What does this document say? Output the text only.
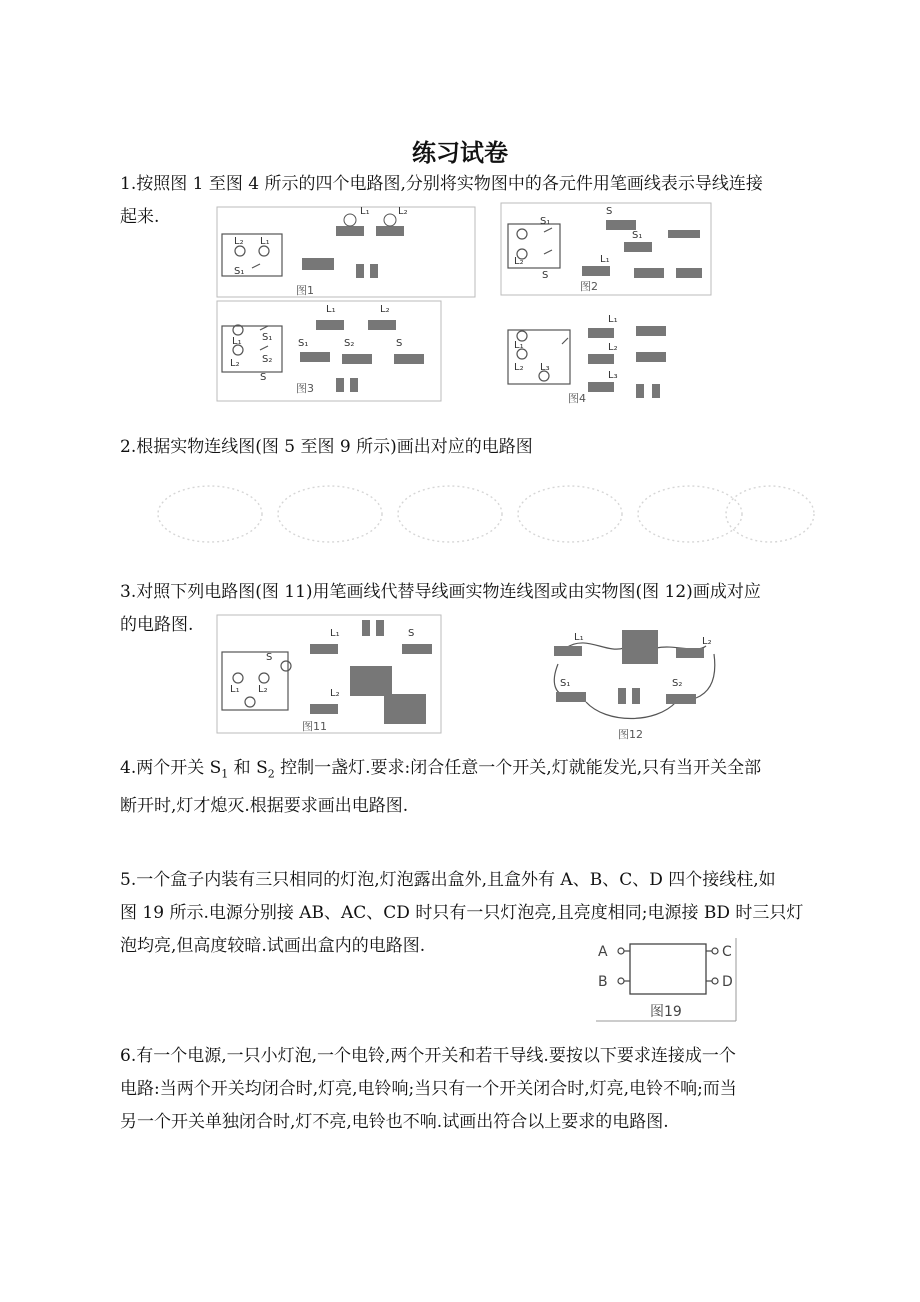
练习试卷
1.按照图 1 至图 4 所示的四个电路图,分别将实物图中的各元件用笔画线表示导线连接
起来.
L₂ L₁
S₁
L₁	L₂
图1
S₁
L₂
S
S
S₁
L₁
图2
S₁
L₁
S₂
L₂
S
L₁	L₂
S₁	S₂	S
图3
L₁
L₂ L₃
L₁
L₂
L₃
图4
2.根据实物连线图(图 5 至图 9 所示)画出对应的电路图
3.对照下列电路图(图 11)用笔画线代替导线画实物连线图或由实物图(图 12)画成对应
的电路图.
S
L₁ L₂
L₁	S
L₂
图11
L₁	L₂
S₁	S₂
图12
4.两个开关 $S_1$ 和 $S_2$ 控制一盏灯.要求:闭合任意一个开关,灯就能发光,只有当开关全部
断开时,灯才熄灭.根据要求画出电路图.
5.一个盒子内装有三只相同的灯泡,灯泡露出盒外,且盒外有 A、B、C、D 四个接线柱,如
图 19 所示.电源分别接 AB、AC、CD 时只有一只灯泡亮,且亮度相同;电源接 BD 时三只灯
泡均亮,但高度较暗.试画出盒内的电路图.	A
B
C
D
图19
6.有一个电源,一只小灯泡,一个电铃,两个开关和若干导线.要按以下要求连接成一个
电路:当两个开关均闭合时,灯亮,电铃响;当只有一个开关闭合时,灯亮,电铃不响;而当
另一个开关单独闭合时,灯不亮,电铃也不响.试画出符合以上要求的电路图.
